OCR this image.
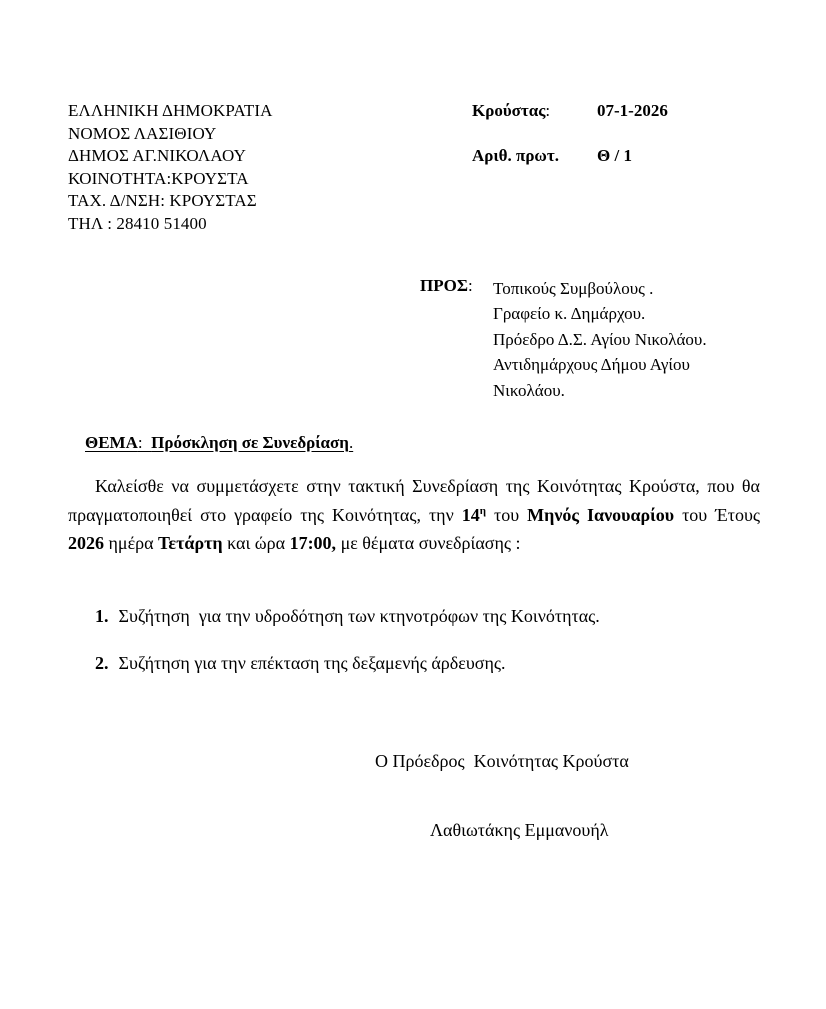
ΕΛΛΗΝΙΚΗ ΔΗΜΟΚΡΑΤΙΑ
ΝΟΜΟΣ ΛΑΣΙΘΙΟΥ
ΔΗΜΟΣ ΑΓ.ΝΙΚΟΛΑΟΥ
ΚΟΙΝΟΤΗΤΑ:ΚΡΟΥΣΤΑ
ΤΑΧ. Δ/ΝΣΗ: ΚΡΟΥΣΤΑΣ
ΤΗΛ : 28410 51400
Κρούστας:	07-1-2026
Αριθ. πρωτ. Θ / 1
ΠΡΟΣ:	Τοπικούς Συμβούλους .
Γραφείο κ. Δημάρχου.
Πρόεδρο Δ.Σ. Αγίου Νικολάου.
Αντιδημάρχους Δήμου Αγίου
Νικολάου.

ΘΕΜΑ:  Πρόσκληση σε Συνεδρίαση.

Καλείσθε να συμμετάσχετε στην τακτική Συνεδρίαση της Κοινότητας Κρούστα, που θα πραγματοποιηθεί στο γραφείο της Κοινότητας, την $14^\eta$ του Μηνός Ιανουαρίου του Έτους 2026 ημέρα Τετάρτη και ώρα 17:00, με θέματα συνεδρίασης :
1. Συζήτηση  για την υδροδότηση των κτηνοτρόφων της Κοινότητας.
2. Συζήτηση για την επέκταση της δεξαμενής άρδευσης.
Ο Πρόεδρος  Κοινότητας Κρούστα
Λαθιωτάκης Εμμανουήλ
